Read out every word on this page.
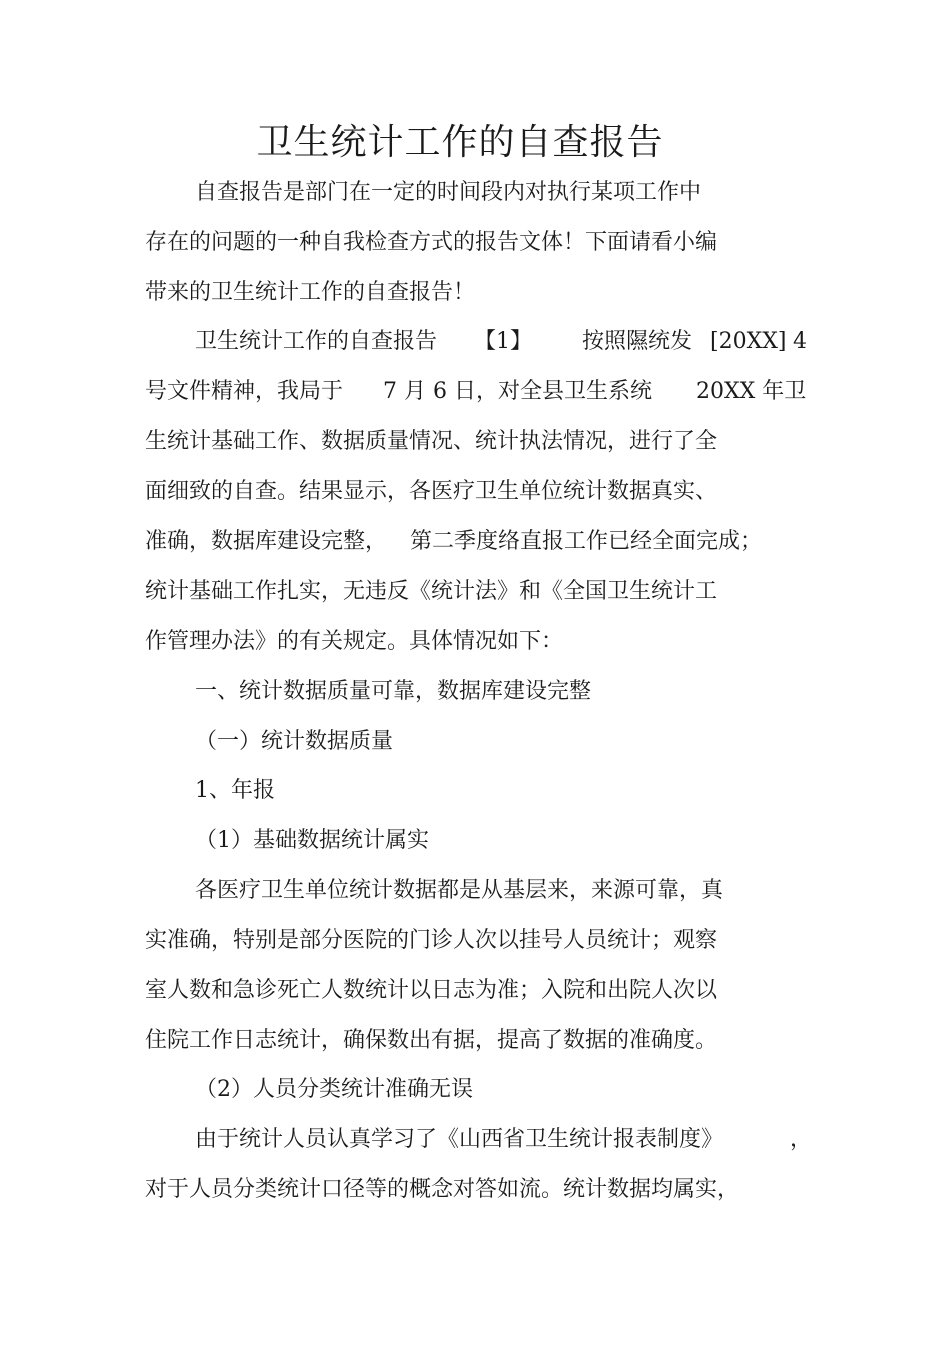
卫生统计工作的自查报告
自查报告是部门在一定的时间段内对执行某项工作中
存在的问题的一种自我检查方式的报告文体！下面请看小编
带来的卫生统计工作的自查报告！
卫生统计工作的自查报告 【1】 按照隰统发 [20XX] 4
号文件精神，我局于 7 月 6 日，对全县卫生系统 20XX 年卫
生统计基础工作、数据质量情况、统计执法情况，进行了全
面细致的自查。结果显示，各医疗卫生单位统计数据真实、
准确，数据库建设完整， 第二季度络直报工作已经全面完成；
统计基础工作扎实，无违反《统计法》和《全国卫生统计工
作管理办法》的有关规定。具体情况如下：
一、统计数据质量可靠，数据库建设完整
（一）统计数据质量
1、年报
（1）基础数据统计属实
各医疗卫生单位统计数据都是从基层来，来源可靠，真
实准确，特别是部分医院的门诊人次以挂号人员统计；观察
室人数和急诊死亡人数统计以日志为准；入院和出院人次以
住院工作日志统计，确保数出有据，提高了数据的准确度。
（2）人员分类统计准确无误
由于统计人员认真学习了《山西省卫生统计报表制度》	，
对于人员分类统计口径等的概念对答如流。统计数据均属实，
